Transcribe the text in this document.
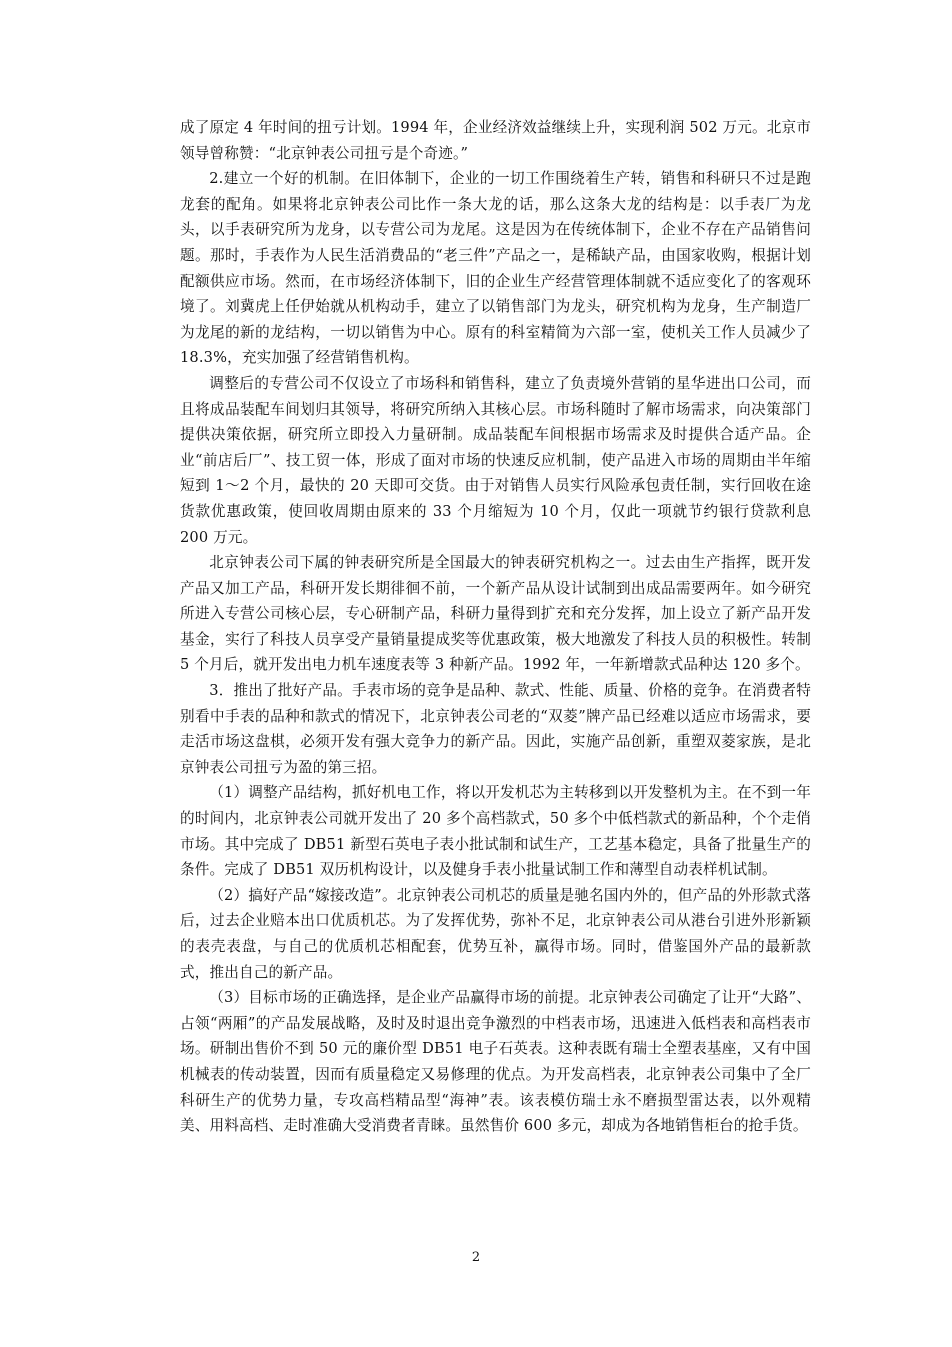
成了原定 4 年时间的扭亏计划。1994 年，企业经济效益继续上升，实现利润 502 万元。北京市领导曾称赞：“北京钟表公司扭亏是个奇迹。”

2.建立一个好的机制。在旧体制下，企业的一切工作围绕着生产转，销售和科研只不过是跑龙套的配角。如果将北京钟表公司比作一条大龙的话，那么这条大龙的结构是：以手表厂为龙头，以手表研究所为龙身，以专营公司为龙尾。这是因为在传统体制下，企业不存在产品销售问题。那时，手表作为人民生活消费品的“老三件”产品之一，是稀缺产品，由国家收购，根据计划配额供应市场。然而，在市场经济体制下，旧的企业生产经营管理体制就不适应变化了的客观环境了。刘冀虎上任伊始就从机构动手，建立了以销售部门为龙头，研究机构为龙身，生产制造厂为龙尾的新的龙结构，一切以销售为中心。原有的科室精简为六部一室，使机关工作人员减少了 18.3%，充实加强了经营销售机构。

调整后的专营公司不仅设立了市场科和销售科，建立了负责境外营销的星华进出口公司，而且将成品装配车间划归其领导，将研究所纳入其核心层。市场科随时了解市场需求，向决策部门提供决策依据，研究所立即投入力量研制。成品装配车间根据市场需求及时提供合适产品。企业“前店后厂”、技工贸一体，形成了面对市场的快速反应机制，使产品进入市场的周期由半年缩短到 1～2 个月，最快的 20 天即可交货。由于对销售人员实行风险承包责任制，实行回收在途货款优惠政策，使回收周期由原来的 33 个月缩短为 10 个月，仅此一项就节约银行贷款利息 200 万元。

北京钟表公司下属的钟表研究所是全国最大的钟表研究机构之一。过去由生产指挥，既开发产品又加工产品，科研开发长期徘徊不前，一个新产品从设计试制到出成品需要两年。如今研究所进入专营公司核心层，专心研制产品，科研力量得到扩充和充分发挥，加上设立了新产品开发基金，实行了科技人员享受产量销量提成奖等优惠政策，极大地激发了科技人员的积极性。转制 5 个月后，就开发出电力机车速度表等 3 种新产品。1992 年，一年新增款式品种达 120 多个。

3．推出了批好产品。手表市场的竞争是品种、款式、性能、质量、价格的竞争。在消费者特别看中手表的品种和款式的情况下，北京钟表公司老的“双菱”牌产品已经难以适应市场需求，要走活市场这盘棋，必须开发有强大竞争力的新产品。因此，实施产品创新，重塑双菱家族，是北京钟表公司扭亏为盈的第三招。

（1）调整产品结构，抓好机电工作，将以开发机芯为主转移到以开发整机为主。在不到一年的时间内，北京钟表公司就开发出了 20 多个高档款式，50 多个中低档款式的新品种，个个走俏市场。其中完成了 DB51 新型石英电子表小批试制和试生产，工艺基本稳定，具备了批量生产的条件。完成了 DB51 双历机构设计，以及健身手表小批量试制工作和薄型自动表样机试制。

（2）搞好产品“嫁接改造”。北京钟表公司机芯的质量是驰名国内外的，但产品的外形款式落后，过去企业赔本出口优质机芯。为了发挥优势，弥补不足，北京钟表公司从港台引进外形新颖的表壳表盘，与自己的优质机芯相配套，优势互补，赢得市场。同时，借鉴国外产品的最新款式，推出自己的新产品。

（3）目标市场的正确选择，是企业产品赢得市场的前提。北京钟表公司确定了让开“大路”、占领“两厢”的产品发展战略，及时及时退出竞争激烈的中档表市场，迅速进入低档表和高档表市场。研制出售价不到 50 元的廉价型 DB51 电子石英表。这种表既有瑞士全塑表基座，又有中国机械表的传动装置，因而有质量稳定又易修理的优点。为开发高档表，北京钟表公司集中了全厂科研生产的优势力量，专攻高档精品型“海神”表。该表模仿瑞士永不磨损型雷达表，以外观精美、用料高档、走时准确大受消费者青睐。虽然售价 600 多元，却成为各地销售柜台的抢手货。

2
